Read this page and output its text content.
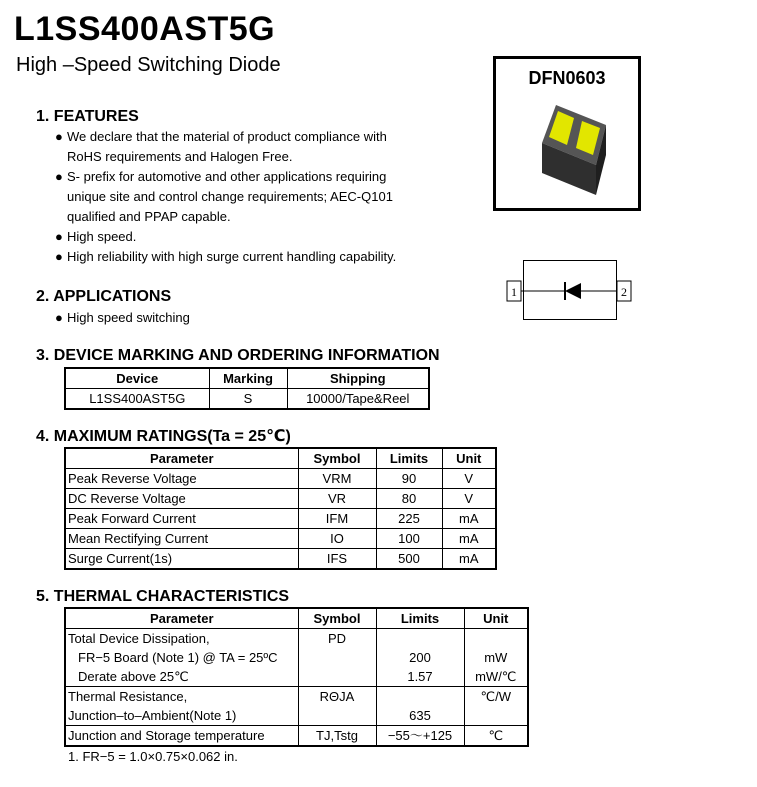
L1SS400AST5G
High –Speed Switching Diode
DFN0603
1	2
1. FEATURES
● We declare that the material of product compliance with
RoHS requirements and Halogen Free.
● S- prefix for automotive and other applications requiring
unique site and control change requirements; AEC-Q101
qualified and PPAP capable.
● High speed.
● High reliability with high surge current handling capability.
2. APPLICATIONS
● High speed switching
3. DEVICE MARKING AND ORDERING INFORMATION
Device	Marking	Shipping
L1SS400AST5G	S	10000/Tape&Reel
4. MAXIMUM RATINGS(Ta = 25℃)
Parameter	Symbol	Limits	Unit
Peak Reverse Voltage	VRM	90	V
DC Reverse Voltage	VR	80	V
Peak Forward Current	IFM	225	mA
Mean Rectifying Current	IO	100	mA
Surge Current(1s)	IFS	500	mA
5. THERMAL CHARACTERISTICS
Parameter	Symbol	Limits	Unit
Total Device Dissipation,	PD		
FR−5 Board (Note 1) @ TA = 25ºC		200	mW
Derate above 25℃		1.57	mW/℃
Thermal Resistance,	RΘJA		℃/W
Junction–to–Ambient(Note 1)		635	
Junction and Storage temperature	TJ,Tstg	−55～+125	℃
1. FR−5 = 1.0×0.75×0.062 in.
